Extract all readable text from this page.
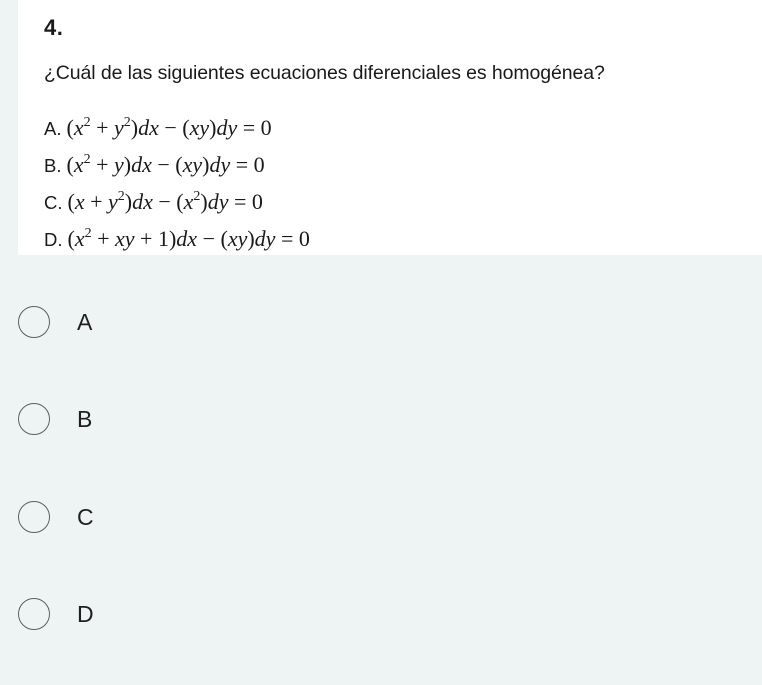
4.
¿Cuál de las siguientes ecuaciones diferenciales es homogénea?
A. $(x^2 + y^2)dx - (xy)dy = 0$
B. $(x^2 + y)dx - (xy)dy = 0$
C. $(x + y^2)dx - (x^2)dy = 0$
D. ($x^2$ + xy + 1)dx − (xy)dy = 0
A
B
C
D
